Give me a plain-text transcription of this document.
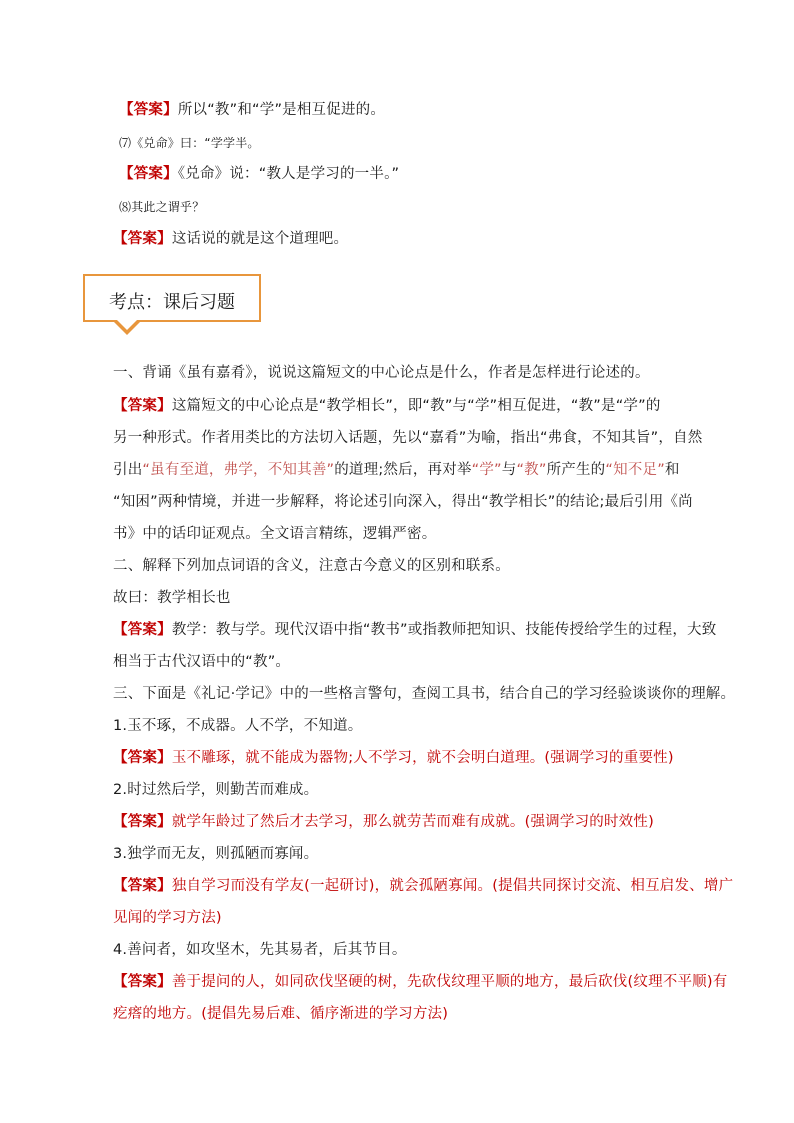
【答案】所以“教”和“学”是相互促进的。
⑺《兑命》曰：“学学半。
【答案】《兑命》说：“教人是学习的一半。”
⑻其此之谓乎？
【答案】这话说的就是这个道理吧。
考点：课后习题
一、背诵《虽有嘉肴》，说说这篇短文的中心论点是什么，作者是怎样进行论述的。
【答案】这篇短文的中心论点是“教学相长”，即“教”与“学”相互促进，“教”是“学”的
另一种形式。作者用类比的方法切入话题，先以“嘉肴”为喻，指出“弗食，不知其旨”，自然
引出“虽有至道，弗学，不知其善”的道理;然后，再对举“学”与“教”所产生的“知不足”和
“知困”两种情境，并进一步解释，将论述引向深入，得出“教学相长”的结论;最后引用《尚
书》中的话印证观点。全文语言精练，逻辑严密。
二、解释下列加点词语的含义，注意古今意义的区别和联系。
故曰：教学相长也
【答案】教学：教与学。现代汉语中指“教书”或指教师把知识、技能传授给学生的过程，大致
相当于古代汉语中的“教”。
三、下面是《礼记·学记》中的一些格言警句，查阅工具书，结合自己的学习经验谈谈你的理解。
1.玉不琢，不成器。人不学，不知道。
【答案】玉不雕琢，就不能成为器物;人不学习，就不会明白道理。(强调学习的重要性)
2.时过然后学，则勤苦而难成。
【答案】就学年龄过了然后才去学习，那么就劳苦而难有成就。(强调学习的时效性)
3.独学而无友，则孤陋而寡闻。
【答案】独自学习而没有学友(一起研讨)，就会孤陋寡闻。(提倡共同探讨交流、相互启发、增广
见闻的学习方法)
4.善问者，如攻坚木，先其易者，后其节目。
【答案】善于提问的人，如同砍伐坚硬的树，先砍伐纹理平顺的地方，最后砍伐(纹理不平顺)有
疙瘩的地方。(提倡先易后难、循序渐进的学习方法)
